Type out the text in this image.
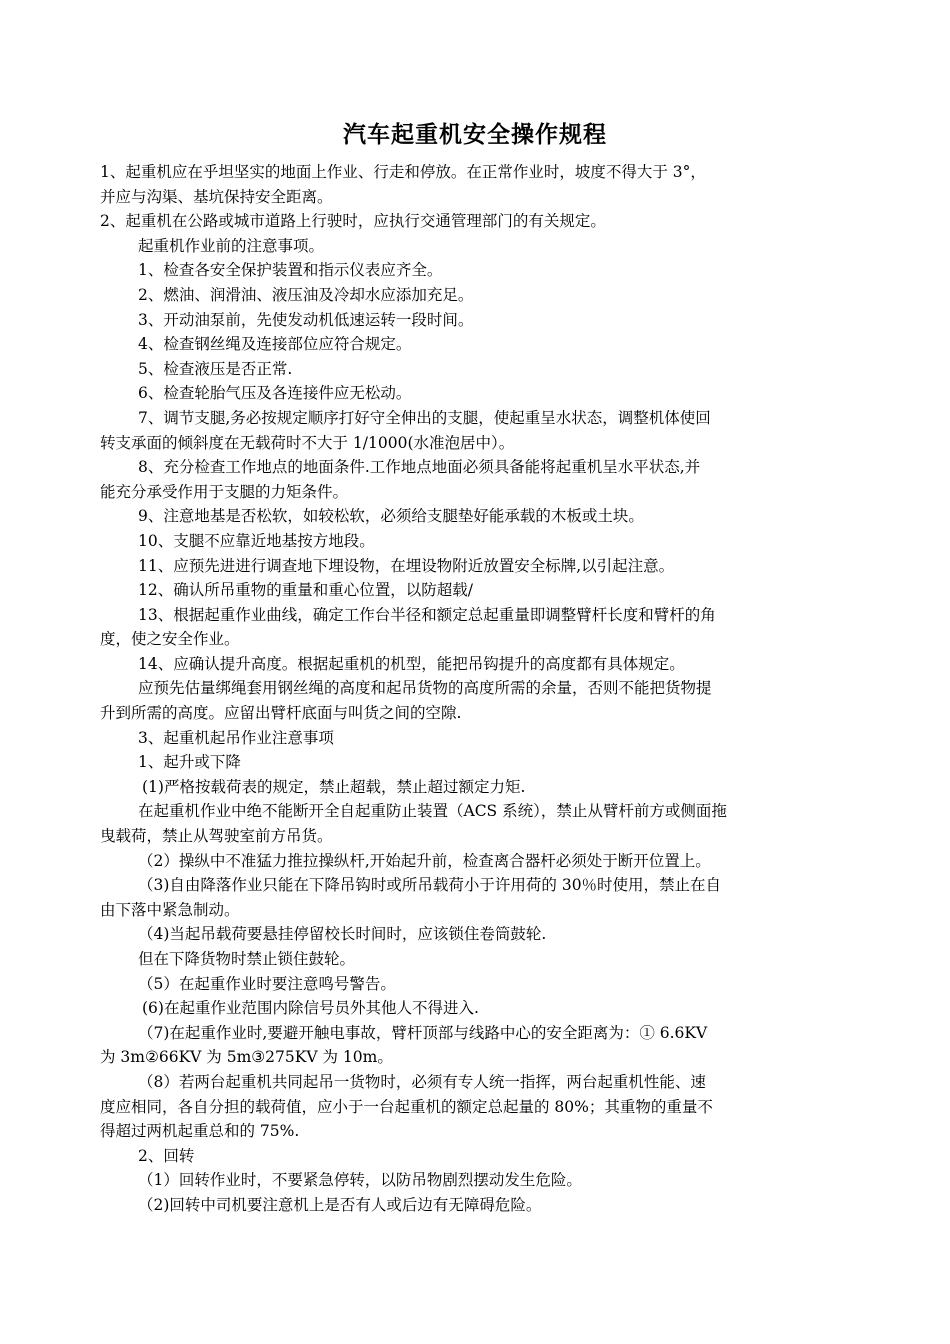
汽车起重机安全操作规程
1、起重机应在乎坦坚实的地面上作业、行走和停放。在正常作业时，坡度不得大于 3°，
并应与沟渠、基坑保持安全距离。
2、起重机在公路或城市道路上行驶时，应执行交通管理部门的有关规定。
起重机作业前的注意事项。
1、检查各安全保护装置和指示仪表应齐全。
2、燃油、润滑油、液压油及冷却水应添加充足。
3、开动油泵前，先使发动机低速运转一段时间。
4、检查钢丝绳及连接部位应符合规定。
5、检查液压是否正常.
6、检查轮胎气压及各连接件应无松动。
7、调节支腿,务必按规定顺序打好守全伸出的支腿，使起重呈水状态，调整机体使回
转支承面的倾斜度在无载荷时不大于 1/1000(水准泡居中）。
8、充分检查工作地点的地面条件.工作地点地面必须具备能将起重机呈水平状态,并
能充分承受作用于支腿的力矩条件。
9、注意地基是否松软，如较松软，必须给支腿垫好能承载的木板或土块。
10、支腿不应靠近地基按方地段。
11、应预先进进行调查地下埋设物，在埋设物附近放置安全标牌,以引起注意。
12、确认所吊重物的重量和重心位置，以防超载/
13、根据起重作业曲线，确定工作台半径和额定总起重量即调整臂杆长度和臂杆的角
度，使之安全作业。
14、应确认提升高度。根据起重机的机型，能把吊钩提升的高度都有具体规定。
应预先估量绑绳套用钢丝绳的高度和起吊货物的高度所需的余量，否则不能把货物提
升到所需的高度。应留出臂杆底面与叫货之间的空隙.
3、起重机起吊作业注意事项
1、起升或下降
(1)严格按载荷表的规定，禁止超载，禁止超过额定力矩.
在起重机作业中绝不能断开全自起重防止装置（ACS 系统），禁止从臂杆前方或侧面拖
曳载荷，禁止从驾驶室前方吊货。
（2）操纵中不准猛力推拉操纵杆,开始起升前，检查离合器杆必须处于断开位置上。
（3)自由降落作业只能在下降吊钩时或所吊载荷小于许用荷的 30％时使用，禁止在自
由下落中紧急制动。
（4)当起吊载荷要悬挂停留校长时间时，应该锁住卷筒鼓轮.
但在下降货物时禁止锁住鼓轮。
（5）在起重作业时要注意鸣号警告。
(6)在起重作业范围内除信号员外其他人不得进入.
（7)在起重作业时,要避开触电事故，臂杆顶部与线路中心的安全距离为：① 6.6KV
为 3m②66KV 为 5m③275KV 为 10m。
（8）若两台起重机共同起吊一货物时，必须有专人统一指挥，两台起重机性能、速
度应相同，各自分担的载荷值，应小于一台起重机的额定总起量的 80%；其重物的重量不
得超过两机起重总和的 75%.
2、回转
（1）回转作业时，不要紧急停转，以防吊物剧烈摆动发生危险。
（2)回转中司机要注意机上是否有人或后边有无障碍危险。
